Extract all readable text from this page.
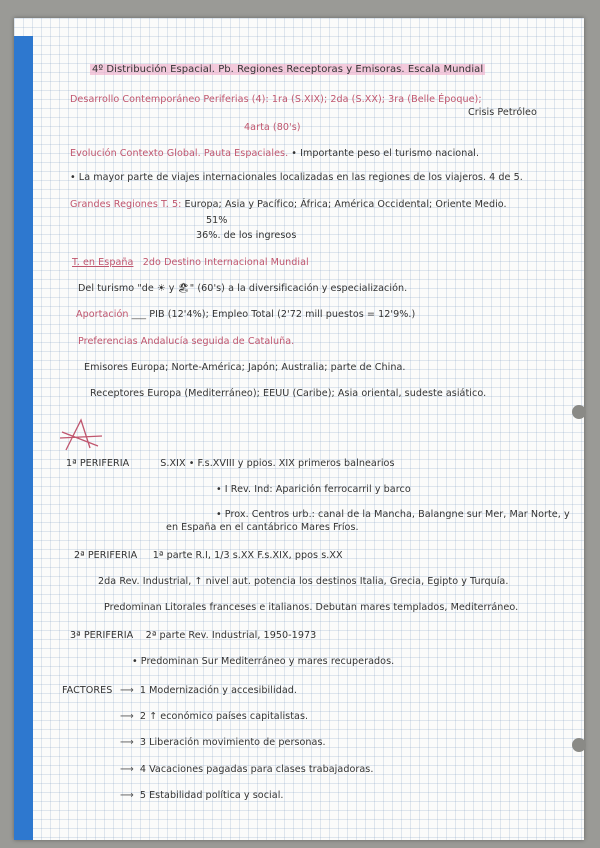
4º Distribución Espacial. Pb. Regiones Receptoras y Emisoras. Escala Mundial
Desarrollo Contemporáneo Periferias (4): 1ra (S.XIX); 2da (S.XX); 3ra (Belle Époque);
Crisis Petróleo
4arta (80's)
Evolución Contexto Global. Pauta Espaciales. • Importante peso el turismo nacional.
• La mayor parte de viajes internacionales localizadas en las regiones de los viajeros. 4 de 5.
Grandes Regiones T. 5: Europa; Asia y Pacífico; África; América Occidental; Oriente Medio.
51%
36%. de los ingresos
T. en España 2do Destino Internacional Mundial
Del turismo "de ☀ y 🏖" (60's) a la diversificación y especialización.
Aportación ___ PIB (12'4%); Empleo Total (2'72 mill puestos = 12'9%.)
Preferencias Andalucía seguida de Cataluña.
Emisores Europa; Norte-América; Japón; Australia; parte de China.
Receptores Europa (Mediterráneo); EEUU (Caribe); Asia oriental, sudeste asiático.
1ª PERIFERIA	S.XIX • F.s.XVIII y ppios. XIX primeros balnearios
• I Rev. Ind: Aparición ferrocarril y barco
• Prox. Centros urb.: canal de la Mancha, Balangne sur Mer, Mar Norte, y
en España en el cantábrico Mares Fríos.
2ª PERIFERIA 1ª parte R.I, 1/3 s.XX F.s.XIX, ppos s.XX
2da Rev. Industrial, ↑ nivel aut. potencia los destinos Italia, Grecia, Egipto y Turquía.
Predominan Litorales franceses e italianos. Debutan mares templados, Mediterráneo.
3ª PERIFERIA 2ª parte Rev. Industrial, 1950-1973
• Predominan Sur Mediterráneo y mares recuperados.
FACTORES ⟶ 1 Modernización y accesibilidad.
⟶ 2 ↑ económico países capitalistas.
⟶ 3 Liberación movimiento de personas.
⟶ 4 Vacaciones pagadas para clases trabajadoras.
⟶ 5 Estabilidad política y social.
